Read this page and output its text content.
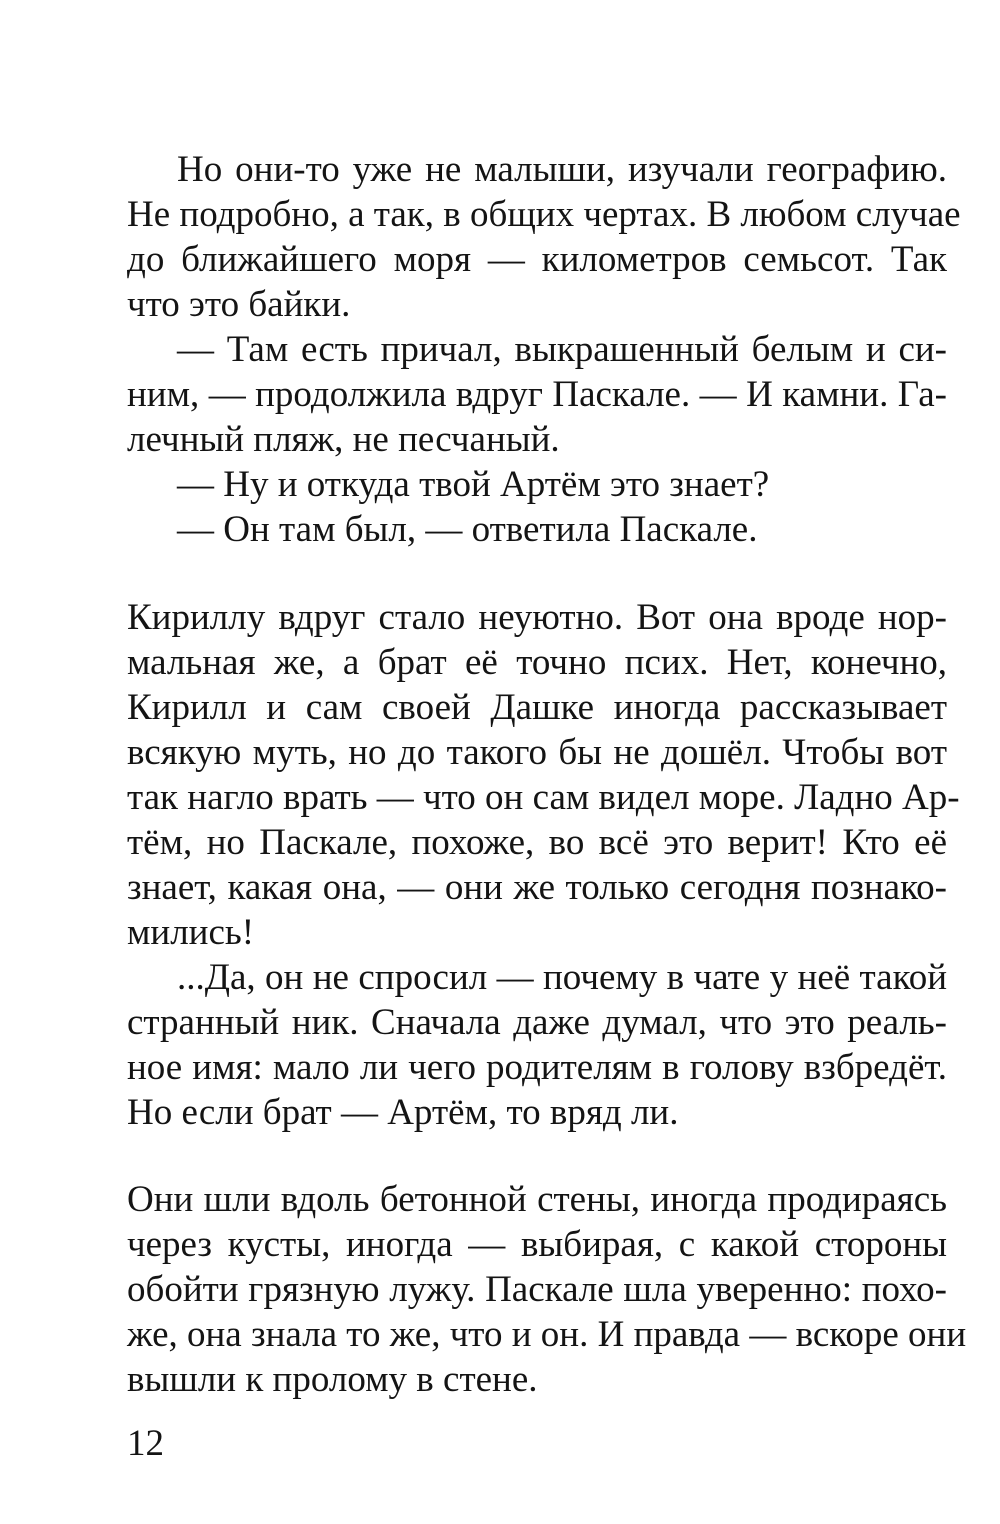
Но они-то уже не малыши, изучали географию.
Не подробно, а так, в общих чертах. В любом случае
до ближайшего моря — километров семьсот. Так
что это байки.
— Там есть причал, выкрашенный белым и си-
ним, — продолжила вдруг Паскале. — И камни. Га-
лечный пляж, не песчаный.
— Ну и откуда твой Артём это знает?
— Он там был, — ответила Паскале.
Кириллу вдруг стало неуютно. Вот она вроде нор-
мальная же, а брат её точно псих. Нет, конечно,
Кирилл и сам своей Дашке иногда рассказывает
всякую муть, но до такого бы не дошёл. Чтобы вот
так нагло врать — что он сам видел море. Ладно Ар-
тём, но Паскале, похоже, во всё это верит! Кто её
знает, какая она, — они же только сегодня познако-
мились!
...Да, он не спросил — почему в чате у неё такой
странный ник. Сначала даже думал, что это реаль-
ное имя: мало ли чего родителям в голову взбредёт.
Но если брат — Артём, то вряд ли.
Они шли вдоль бетонной стены, иногда продираясь
через кусты, иногда — выбирая, с какой стороны
обойти грязную лужу. Паскале шла уверенно: похо-
же, она знала то же, что и он. И правда — вскоре они
вышли к пролому в стене.
12
